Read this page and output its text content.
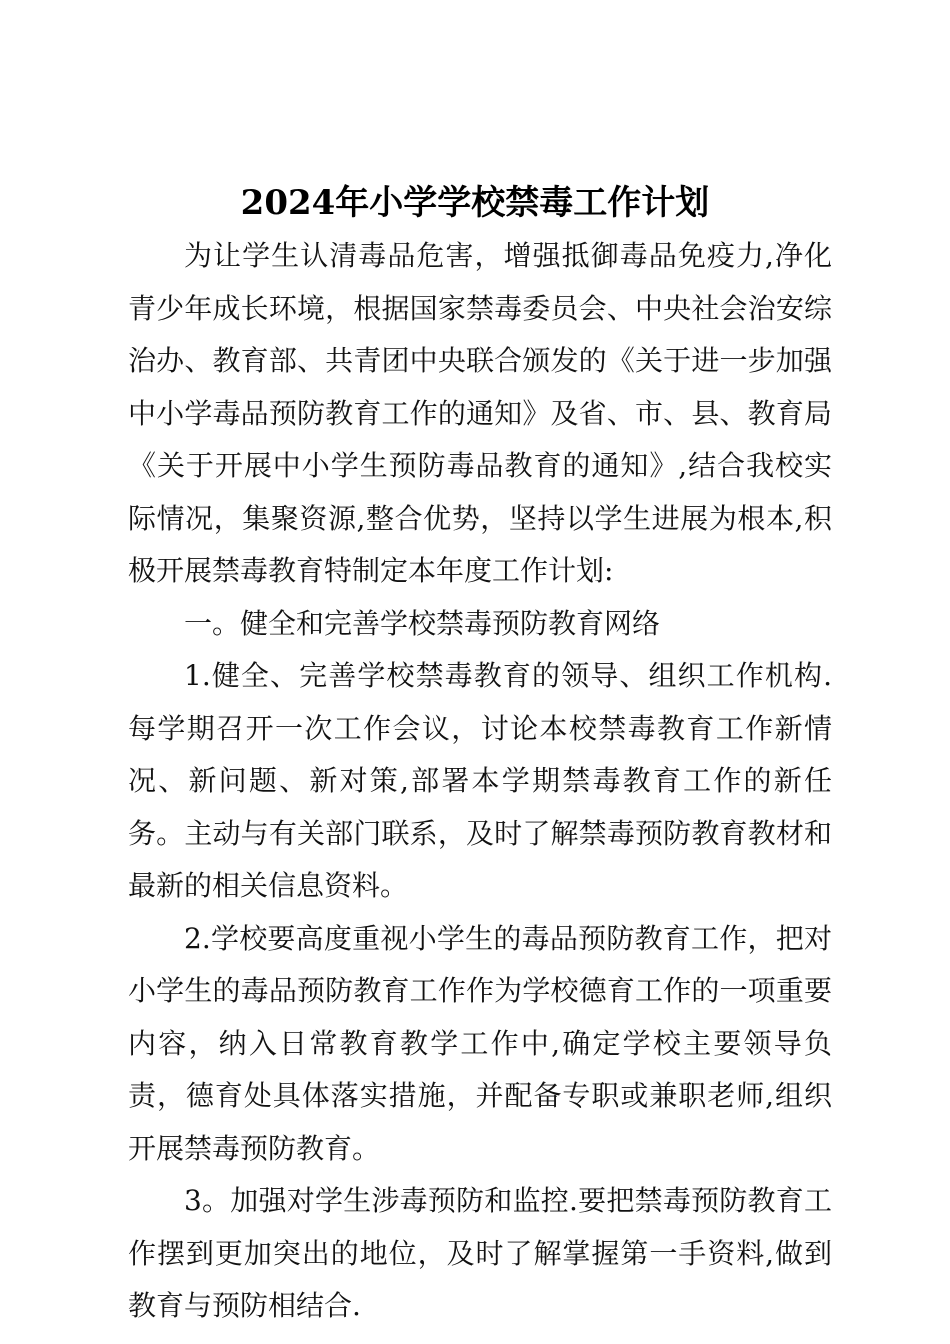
2024年小学学校禁毒工作计划

为让学生认清毒品危害，增强抵御毒品免疫力,净化青少年成长环境，根据国家禁毒委员会、中央社会治安综治办、教育部、共青团中央联合颁发的《关于进一步加强中小学毒品预防教育工作的通知》及省、市、县、教育局《关于开展中小学生预防毒品教育的通知》,结合我校实际情况，集聚资源,整合优势，坚持以学生进展为根本,积极开展禁毒教育特制定本年度工作计划:

一。健全和完善学校禁毒预防教育网络

1.健全、完善学校禁毒教育的领导、组织工作机构.每学期召开一次工作会议，讨论本校禁毒教育工作新情况、新问题、新对策,部署本学期禁毒教育工作的新任务。主动与有关部门联系，及时了解禁毒预防教育教材和最新的相关信息资料。

2.学校要高度重视小学生的毒品预防教育工作，把对小学生的毒品预防教育工作作为学校德育工作的一项重要内容，纳入日常教育教学工作中,确定学校主要领导负责，德育处具体落实措施，并配备专职或兼职老师,组织开展禁毒预防教育。

3。加强对学生涉毒预防和监控.要把禁毒预防教育工作摆到更加突出的地位，及时了解掌握第一手资料,做到教育与预防相结合.
